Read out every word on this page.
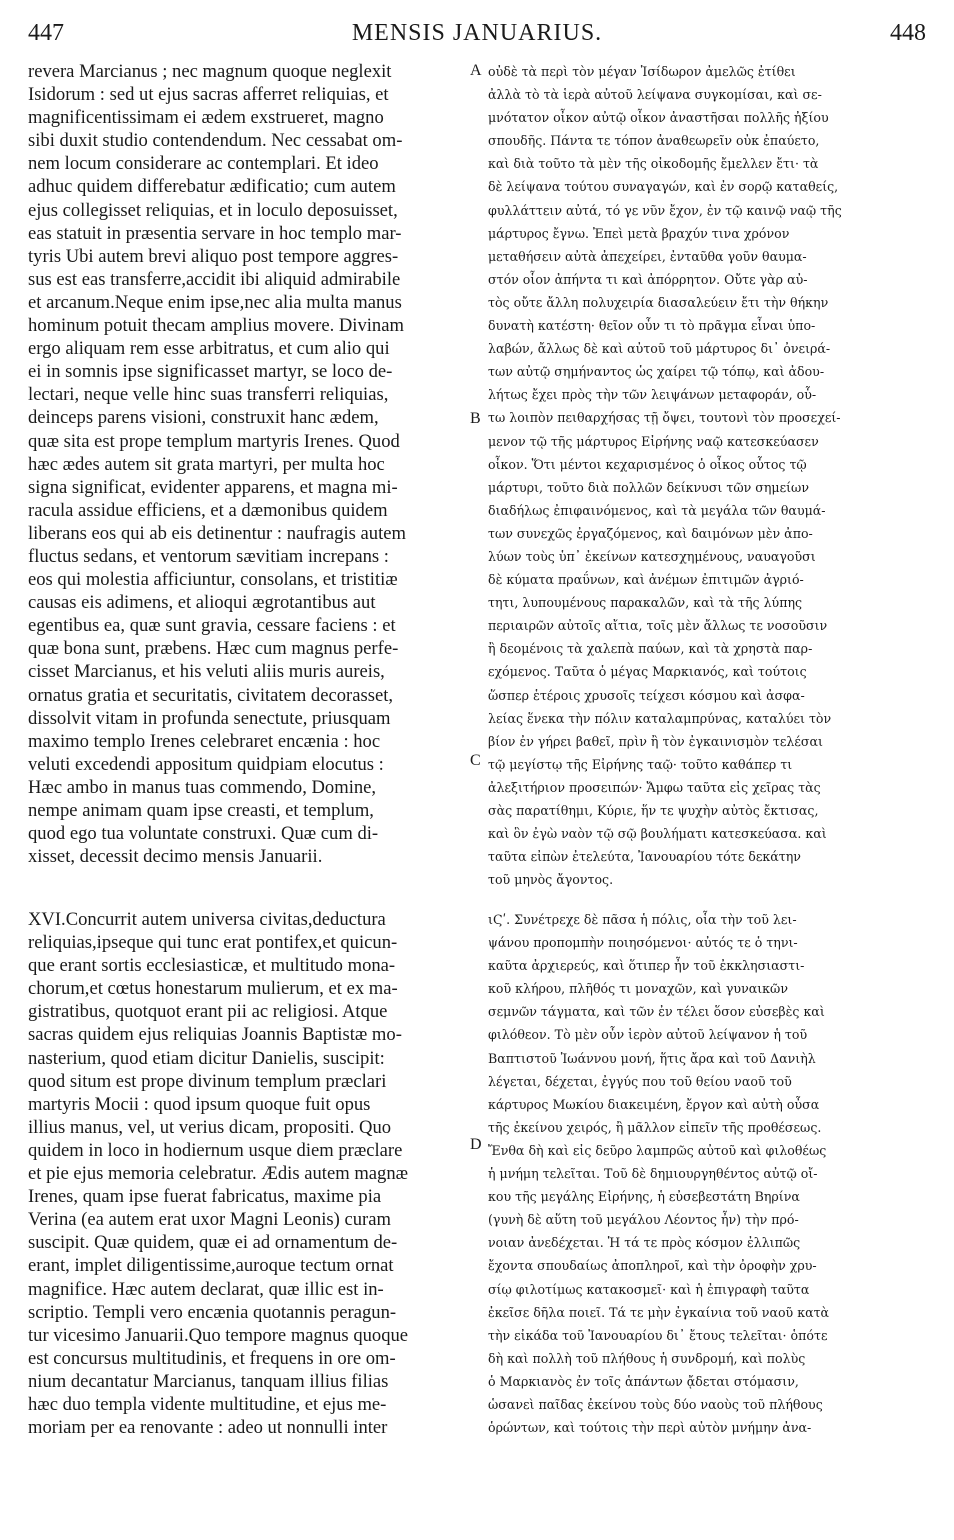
447	MENSIS JANUARIUS.	448
revera Marcianus ; nec magnum quoque neglexit
Isidorum : sed ut ejus sacras afferret reliquias, et
magnificentissimam ei ædem exstrueret, magno
sibi duxit studio contendendum. Nec cessabat om-
nem locum considerare ac contemplari. Et ideo
adhuc quidem differebatur ædificatio; cum autem
ejus collegisset reliquias, et in loculo deposuisset,
eas statuit in præsentia servare in hoc templo mar-
tyris Ubi autem brevi aliquo post tempore aggres-
sus est eas transferre,accidit ibi aliquid admirabile
et arcanum.Neque enim ipse,nec alia multa manus
hominum potuit thecam amplius movere. Divinam
ergo aliquam rem esse arbitratus, et cum alio qui
ei in somnis ipse significasset martyr, se loco de-
lectari, neque velle hinc suas transferri reliquias,
deinceps parens visioni, construxit hanc ædem,
quæ sita est prope templum martyris Irenes. Quod
hæc ædes autem sit grata martyri, per multa hoc
signa significat, evidenter apparens, et magna mi-
racula assidue efficiens, et a dæmonibus quidem
liberans eos qui ab eis detinentur : naufragis autem
fluctus sedans, et ventorum sævitiam increpans :
eos qui molestia afficiuntur, consolans, et tristitiæ
causas eis adimens, et alioqui ægrotantibus aut
egentibus ea, quæ sunt gravia, cessare faciens : et
quæ bona sunt, præbens. Hæc cum magnus perfe-
cisset Marcianus, et his veluti aliis muris aureis,
ornatus gratia et securitatis, civitatem decorasset,
dissolvit vitam in profunda senectute, priusquam
maximo templo Irenes celebraret encænia : hoc
veluti excedendi appositum quidpiam elocutus :
Hæc ambo in manus tuas commendo, Domine,
nempe animam quam ipse creasti, et templum,
quod ego tua voluntate construxi. Quæ cum di-
xisset, decessit decimo mensis Januarii.
XVI.Concurrit autem universa civitas,deductura
reliquias,ipseque qui tunc erat pontifex,et quicun-
que erant sortis ecclesiasticæ, et multitudo mona-
chorum,et cœtus honestarum mulierum, et ex ma-
gistratibus, quotquot erant pii ac religiosi. Atque
sacras quidem ejus reliquias Joannis Baptistæ mo-
nasterium, quod etiam dicitur Danielis, suscipit:
quod situm est prope divinum templum præclari
martyris Mocii : quod ipsum quoque fuit opus
illius manus, vel, ut verius dicam, propositi. Quo
quidem in loco in hodiernum usque diem præclare
et pie ejus memoria celebratur. Ædis autem magnæ
Irenes, quam ipse fuerat fabricatus, maxime pia
Verina (ea autem erat uxor Magni Leonis) curam
suscipit. Quæ quidem, quæ ei ad ornamentum de-
erant, implet diligentissime,auroque tectum ornat
magnifice. Hæc autem declarat, quæ illic est in-
scriptio. Templi vero encænia quotannis peragun-
tur vicesimo Januarii.Quo tempore magnus quoque
est concursus multitudinis, et frequens in ore om-
nium decantatur Marcianus, tanquam illius filias
hæc duo templa vidente multitudine, et ejus me-
moriam per ea renovante : adeo ut nonnulli inter
οὐδὲ τὰ περὶ τὸν μέγαν Ἰσίδωρον ἀμελῶς ἐτίθει
ἀλλὰ τὸ τὰ ἱερὰ αὐτοῦ λείψανα συγκομίσαι, καὶ σε-
μνότατον οἶκον αὐτῷ οἶκον ἀναστῆσαι πολλῆς ἠξίου
σπουδῆς. Πάντα τε τόπον ἀναθεωρεῖν οὐκ ἐπαύετο,
καὶ διὰ τοῦτο τὰ μὲν τῆς οἰκοδομῆς ἔμελλεν ἔτι· τὰ
δὲ λείψανα τούτου συναγαγών, καὶ ἐν σορῷ καταθείς,
φυλλάττειν αὐτά, τό γε νῦν ἔχον, ἐν τῷ καινῷ ναῷ τῆς
μάρτυρος ἔγνω. Ἐπεὶ μετὰ βραχύν τινα χρόνον
μεταθήσειν αὐτὰ ἀπεχείρει, ἐνταῦθα γοῦν θαυμα-
στόν οἷον ἀπήντα τι καὶ ἀπόρρητον. Οὔτε γὰρ αὐ-
τὸς οὔτε ἄλλη πολυχειρία διασαλεύειν ἔτι τὴν θήκην
δυνατὴ κατέστη· θεῖον οὖν τι τὸ πρᾶγμα εἶναι ὑπο-
λαβών, ἄλλως δὲ καὶ αὐτοῦ τοῦ μάρτυρος δι᾽ ὀνειρά-
των αὐτῷ σημήναντος ὡς χαίρει τῷ τόπῳ, καὶ ἀδου-
λήτως ἔχει πρὸς τὴν τῶν λειψάνων μεταφοράν, οὗ-
τω λοιπὸν πειθαρχήσας τῇ ὄψει, τουτονὶ τὸν προσεχεί-
μενον τῷ τῆς μάρτυρος Εἰρήνης ναῷ κατεσκεύασεν
οἶκον. Ὅτι μέντοι κεχαρισμένος ὁ οἶκος οὗτος τῷ
μάρτυρι, τοῦτο διὰ πολλῶν δείκνυσι τῶν σημείων
διαδήλως ἐπιφαινόμενος, καὶ τὰ μεγάλα τῶν θαυμά-
των συνεχῶς ἐργαζόμενος, καὶ δαιμόνων μὲν ἀπο-
λύων τοὺς ὑπ᾽ ἐκείνων κατεσχημένους, ναυαγοῦσι
δὲ κύματα πραΰνων, καὶ ἀνέμων ἐπιτιμῶν ἀγριό-
τητι, λυπουμένους παρακαλῶν, καὶ τὰ τῆς λύπης
περιαιρῶν αὐτοῖς αἴτια, τοῖς μὲν ἄλλως τε νοσοῦσιν
ἢ δεομένοις τὰ χαλεπὰ παύων, καὶ τὰ χρηστὰ παρ-
εχόμενος. Ταῦτα ὁ μέγας Μαρκιανός, καὶ τούτοις
ὥσπερ ἑτέροις χρυσοῖς τείχεσι κόσμου καὶ ἀσφα-
λείας ἕνεκα τὴν πόλιν καταλαμπρύνας, καταλύει τὸν
βίον ἐν γήρει βαθεῖ, πρὶν ἢ τὸν ἐγκαινισμὸν τελέσαι
τῷ μεγίστῳ τῆς Εἰρήνης ταῷ· τοῦτο καθάπερ τι
ἀλεξιτήριον προσειπών· Ἄμφω ταῦτα εἰς χεῖρας τὰς
σὰς παρατίθημι, Κύριε, ἥν τε ψυχὴν αὐτὸς ἔκτισας,
καὶ ὃν ἐγὼ ναὸν τῷ σῷ βουλήματι κατεσκεύασα. καὶ
ταῦτα εἰπὼν ἐτελεύτα, Ἰανουαρίου τότε δεκάτην
τοῦ μηνὸς ἄγοντος.
ιϚʹ. Συνέτρεχε δὲ πᾶσα ἡ πόλις, οἷα τὴν τοῦ λει-
ψάνου προπομπὴν ποιησόμενοι· αὐτός τε ὁ τηνι-
καῦτα ἀρχιερεύς, καὶ ὅτιπερ ἦν τοῦ ἐκκλησιαστι-
κοῦ κλήρου, πλῆθός τι μοναχῶν, καὶ γυναικῶν
σεμνῶν τάγματα, καὶ τῶν ἐν τέλει ὅσον εὐσεβὲς καὶ
φιλόθεον. Τὸ μὲν οὖν ἱερὸν αὐτοῦ λείψανον ἡ τοῦ
Βαπτιστοῦ Ἰωάννου μονή, ἥτις ἄρα καὶ τοῦ Δανιὴλ
λέγεται, δέχεται, ἐγγύς που τοῦ θείου ναοῦ τοῦ
κάρτυρος Μωκίου διακειμένη, ἔργον καὶ αὐτὴ οὖσα
τῆς ἐκείνου χειρός, ἢ μᾶλλον εἰπεῖν τῆς προθέσεως.
Ἔνθα δὴ καὶ εἰς δεῦρο λαμπρῶς αὐτοῦ καὶ φιλοθέως
ἡ μνήμη τελεῖται. Τοῦ δὲ δημιουργηθέντος αὐτῷ οἴ-
κου τῆς μεγάλης Εἰρήνης, ἡ εὐσεβεστάτη Βηρίνα
(γυνὴ δὲ αὕτη τοῦ μεγάλου Λέοντος ἦν) τὴν πρό-
νοιαν ἀνεδέχεται. Ἡ τά τε πρὸς κόσμον ἐλλιπῶς
ἔχοντα σπουδαίως ἀποπληροῖ, καὶ τὴν ὀροφὴν χρυ-
σίῳ φιλοτίμως κατακοσμεῖ· καὶ ἡ ἐπιγραφὴ ταῦτα
ἐκεῖσε δῆλα ποιεῖ. Τά τε μὴν ἐγκαίνια τοῦ ναοῦ κατὰ
τὴν εἰκάδα τοῦ Ἰανουαρίου δι᾽ ἔτους τελεῖται· ὁπότε
δὴ καὶ πολλὴ τοῦ πλήθους ἡ συνδρομή, καὶ πολὺς
ὁ Μαρκιανὸς ἐν τοῖς ἁπάντων ᾄδεται στόμασιν,
ὡσανεὶ παῖδας ἐκείνου τοὺς δύο ναοὺς τοῦ πλήθους
ὁρώντων, καὶ τούτοις τὴν περὶ αὐτὸν μνήμην ἀνα-
A
B
C
D
